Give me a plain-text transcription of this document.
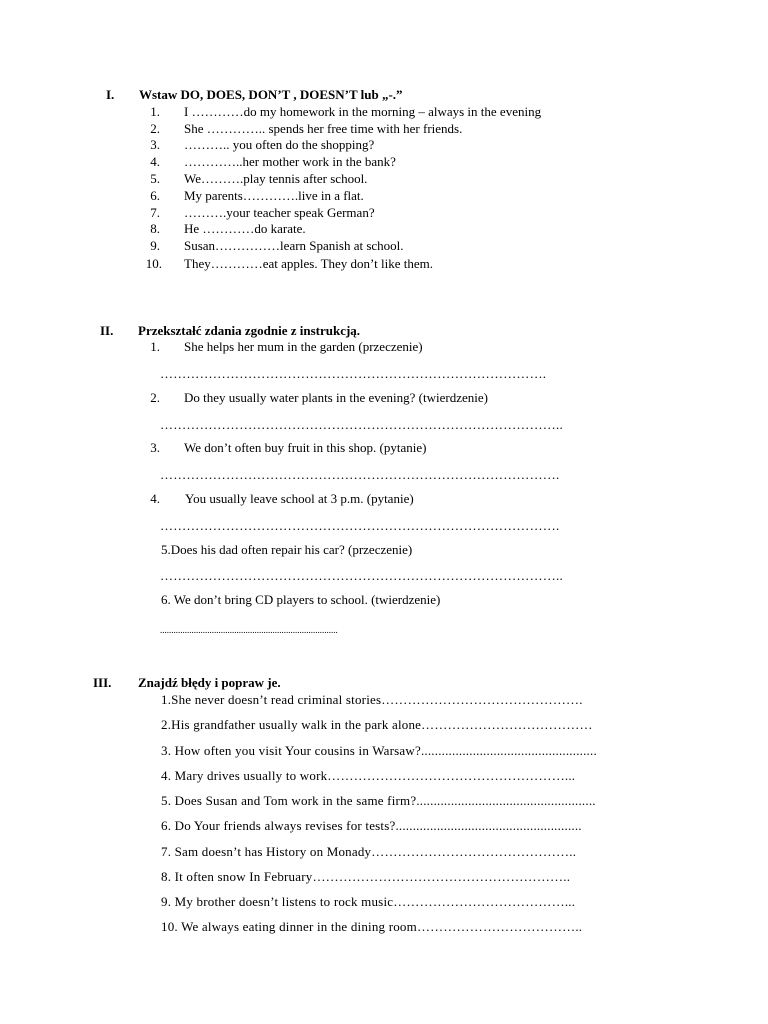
I. Wstaw DO, DOES, DON’T , DOESN’T lub „-.”
1. I …………do my homework in the morning – always in the evening
2. She ………….. spends her free time with her friends.
3. ……….. you often do the shopping?
4. …………..her mother work in the bank?
5. We……….play tennis after school.
6. My parents………….live in a flat.
7. ……….your teacher speak German?
8. He …………do karate.
9. Susan……………learn Spanish at school.
10. They…………eat apples. They don’t like them.
II. Przekształć zdania zgodnie z instrukcją.
1. She helps her mum in the garden (przeczenie)
…………………………………………………………………………….
2. Do they usually water plants in the evening? (twierdzenie)
………………………………………………………………………………..
3. We don’t often buy fruit in this shop. (pytanie)
……………………………………………………………………………….
4. You usually leave school at 3 p.m. (pytanie)
……………………………………………………………………………….
5.Does his dad often repair his car? (przeczenie)
………………………………………………………………………………..
6. We don’t bring CD players to school. (twierdzenie)
...............................................................................
III. Znajdź błędy i popraw je.
1.She never doesn’t read criminal stories……………………………………….
2.His grandfather usually walk in the park alone…………………………………
3. How often you visit Your cousins in Warsaw?...................................................
4. Mary drives usually to work………………………………………………...
5. Does Susan and Tom work in the same firm?....................................................
6. Do Your friends always revises for tests?......................................................
7. Sam doesn’t has History on Monady………………………………………..
8. It often snow In February…………………………………………………..
9. My brother doesn’t listens to rock music…………………………………...
10. We always eating dinner in the dining room………………………………..
